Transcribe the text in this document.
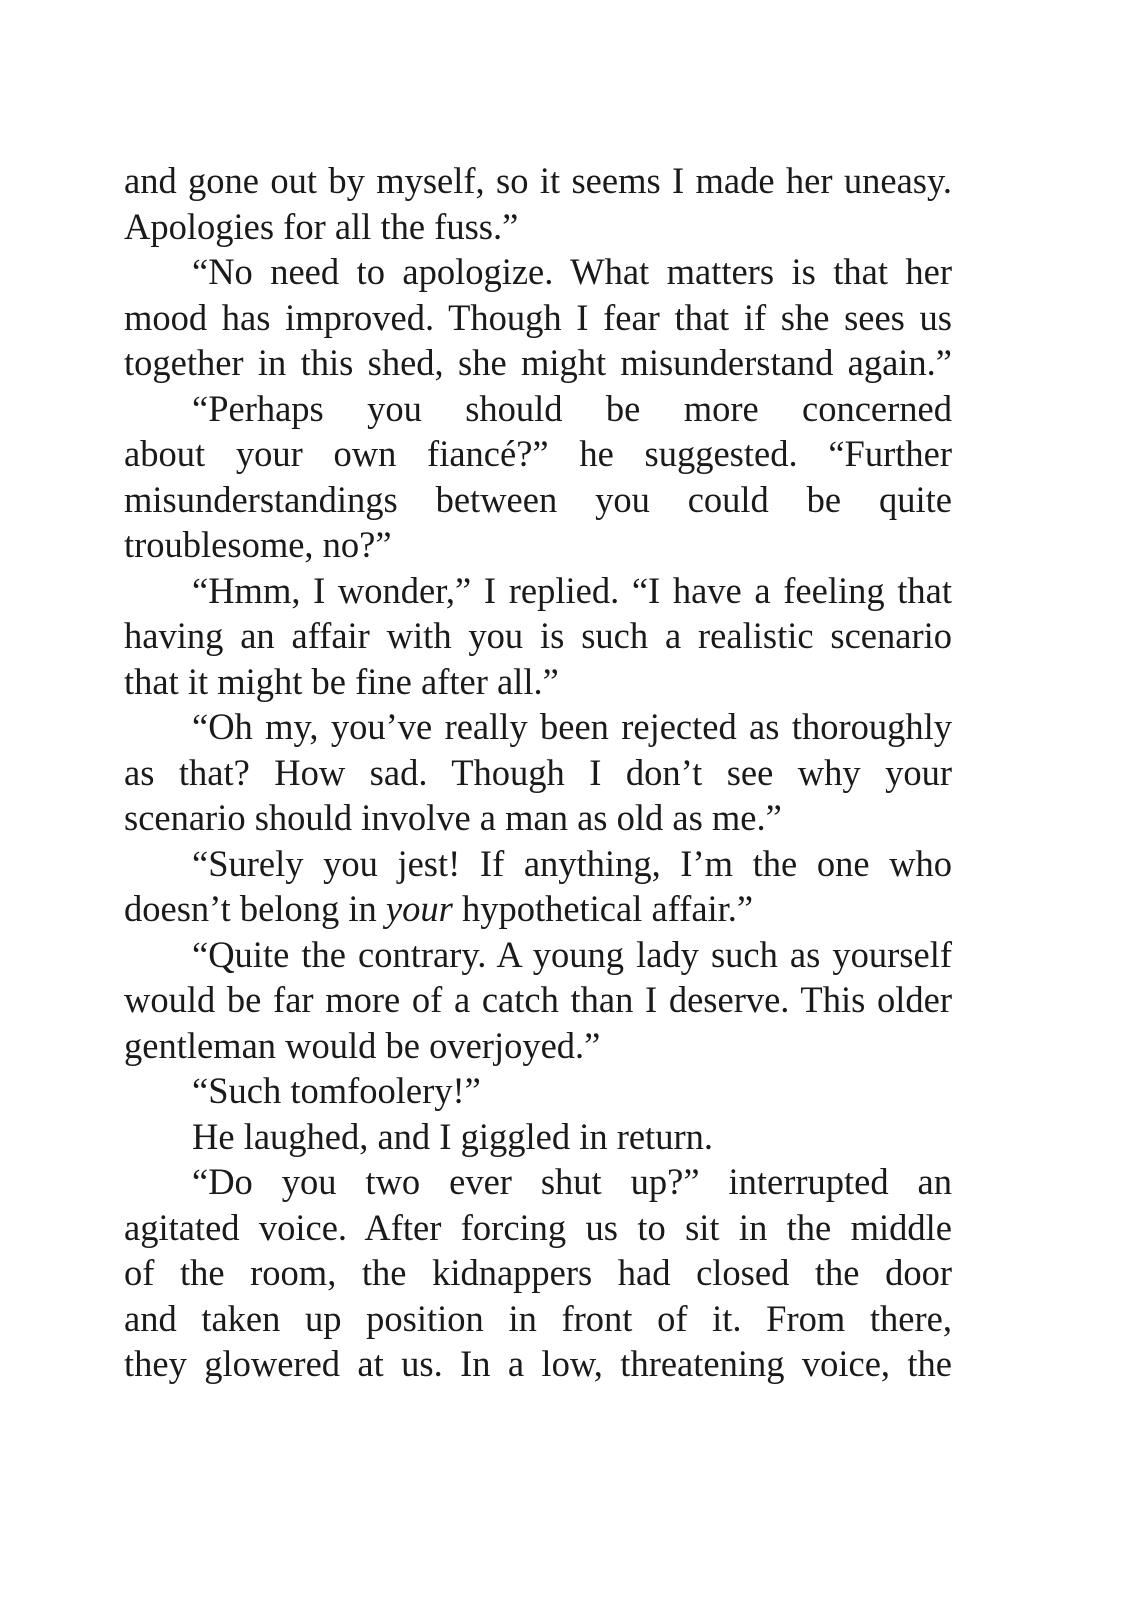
and gone out by myself, so it seems I made her uneasy.
Apologies for all the fuss.”
“No need to apologize. What matters is that her
mood has improved. Though I fear that if she sees us
together in this shed, she might misunderstand again.”
“Perhaps you should be more concerned
about your own fiancé?” he suggested. “Further
misunderstandings between you could be quite
troublesome, no?”
“Hmm, I wonder,” I replied. “I have a feeling that
having an affair with you is such a realistic scenario
that it might be fine after all.”
“Oh my, you’ve really been rejected as thoroughly
as that? How sad. Though I don’t see why your
scenario should involve a man as old as me.”
“Surely you jest! If anything, I’m the one who
doesn’t belong in your hypothetical affair.”
“Quite the contrary. A young lady such as yourself
would be far more of a catch than I deserve. This older
gentleman would be overjoyed.”
“Such tomfoolery!”
He laughed, and I giggled in return.
“Do you two ever shut up?” interrupted an
agitated voice. After forcing us to sit in the middle
of the room, the kidnappers had closed the door
and taken up position in front of it. From there,
they glowered at us. In a low, threatening voice, the
